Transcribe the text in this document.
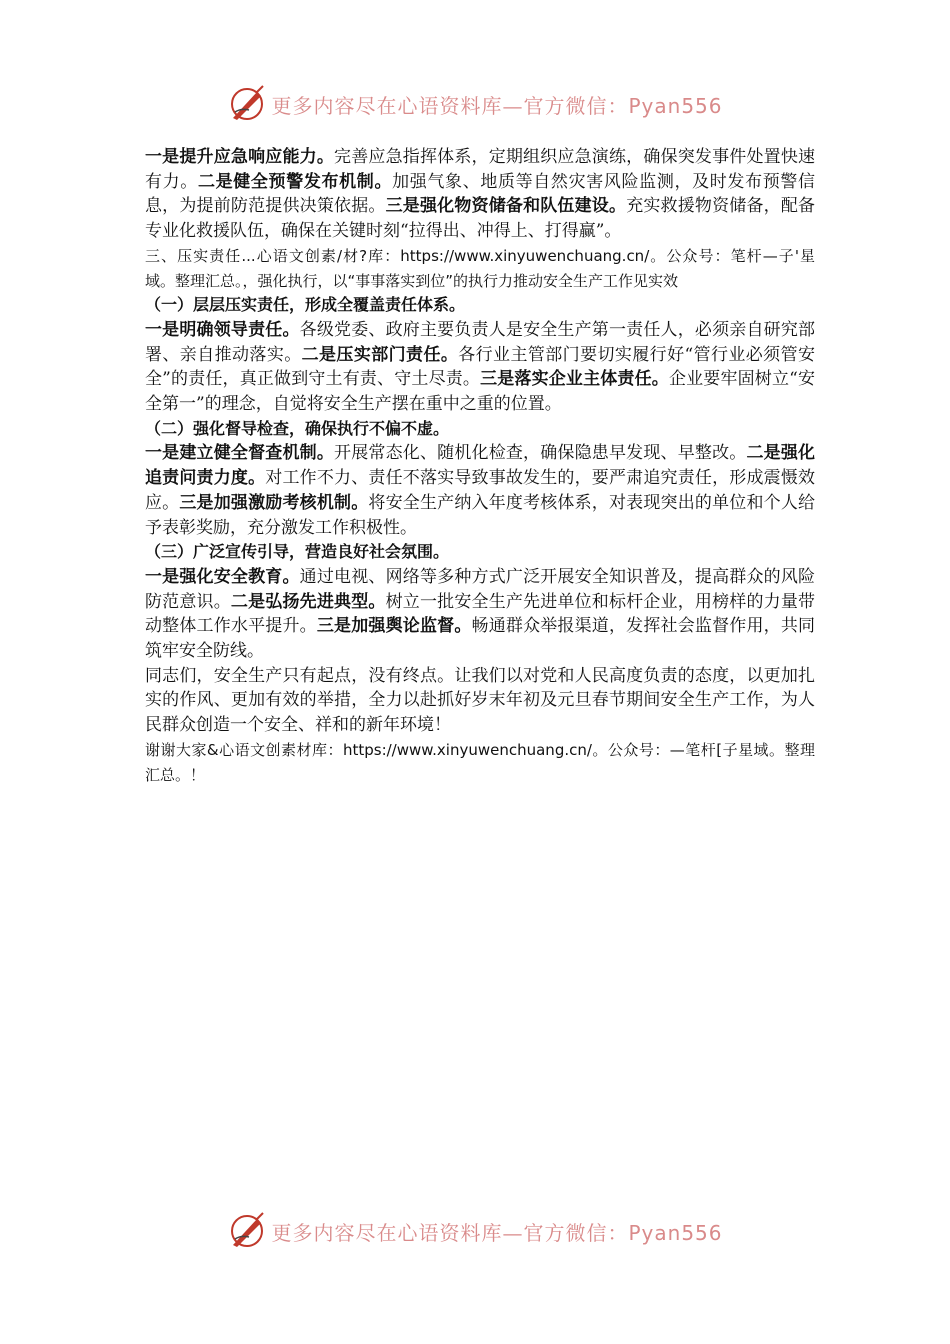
更多内容尽在心语资料库—官方微信：Pyan556

一是提升应急响应能力。完善应急指挥体系，定期组织应急演练，确保突发事件处置快速有力。二是健全预警发布机制。加强气象、地质等自然灾害风险监测，及时发布预警信息，为提前防范提供决策依据。三是强化物资储备和队伍建设。充实救援物资储备，配备专业化救援队伍，确保在关键时刻“拉得出、冲得上、打得赢”。

三、压实责任...心语文创素/材?库：https://www.xinyuwenchuang.cn/。公众号：笔杆—子'星域。整理汇总。，强化执行，以“事事落实到位”的执行力推动安全生产工作见实效

（一）层层压实责任，形成全覆盖责任体系。

一是明确领导责任。各级党委、政府主要负责人是安全生产第一责任人，必须亲自研究部署、亲自推动落实。二是压实部门责任。各行业主管部门要切实履行好“管行业必须管安全”的责任，真正做到守土有责、守土尽责。三是落实企业主体责任。企业要牢固树立“安全第一”的理念，自觉将安全生产摆在重中之重的位置。

（二）强化督导检查，确保执行不偏不虚。

一是建立健全督查机制。开展常态化、随机化检查，确保隐患早发现、早整改。二是强化追责问责力度。对工作不力、责任不落实导致事故发生的，要严肃追究责任，形成震慑效应。三是加强激励考核机制。将安全生产纳入年度考核体系，对表现突出的单位和个人给予表彰奖励，充分激发工作积极性。

（三）广泛宣传引导，营造良好社会氛围。

一是强化安全教育。通过电视、网络等多种方式广泛开展安全知识普及，提高群众的风险防范意识。二是弘扬先进典型。树立一批安全生产先进单位和标杆企业，用榜样的力量带动整体工作水平提升。三是加强舆论监督。畅通群众举报渠道，发挥社会监督作用，共同筑牢安全防线。

同志们，安全生产只有起点，没有终点。让我们以对党和人民高度负责的态度，以更加扎实的作风、更加有效的举措，全力以赴抓好岁末年初及元旦春节期间安全生产工作，为人民群众创造一个安全、祥和的新年环境！

谢谢大家&心语文创素材库：https://www.xinyuwenchuang.cn/。公众号：—笔杆[子星域。整理汇总。！

更多内容尽在心语资料库—官方微信：Pyan556
